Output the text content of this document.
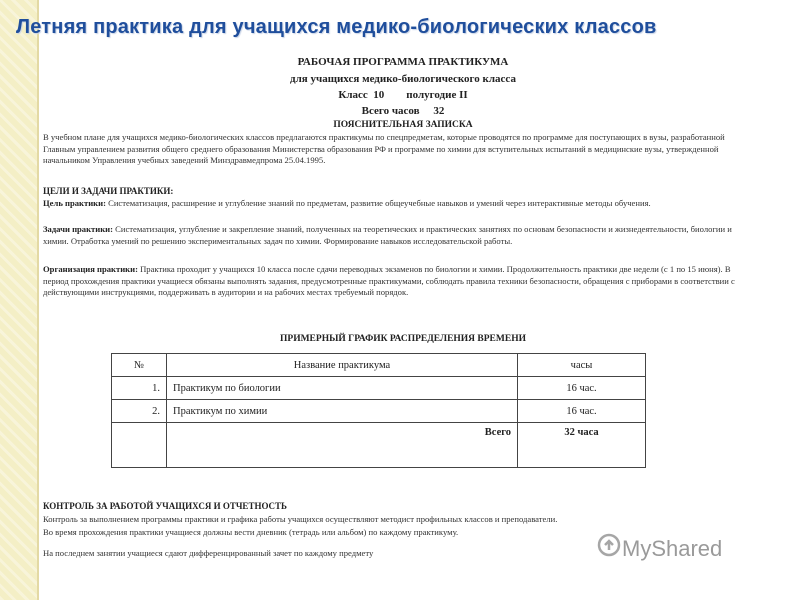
Летняя практика для учащихся медико-биологических классов
РАБОЧАЯ ПРОГРАММА ПРАКТИКУМА
для учащихся медико-биологического класса
Класс  10        полугодие II
Всего часов     32
ПОЯСНИТЕЛЬНАЯ ЗАПИСКА
В учебном плане для учащихся медико-биологических классов предлагаются практикумы по спецпредметам, которые проводятся по программе для поступающих в вузы, разработанной Главным управлением развития общего среднего образования Министерства образования РФ и программе по химии для вступительных испытаний в медицинские вузы, утвержденной начальником Управления учебных заведений Минздравмедпрома 25.04.1995.
ЦЕЛИ И ЗАДАЧИ ПРАКТИКИ:
Цель практики: Систематизация, расширение и углубление знаний по предметам, развитие общеучебные навыков и умений через интерактивные методы обучения.
Задачи практики: Систематизация, углубление и закрепление знаний, полученных на теоретических и практических занятиях по основам безопасности и жизнедеятельности, биологии и химии. Отработка умений по решению экспериментальных задач по химии. Формирование навыков исследовательской работы.
Организация практики: Практика проходит у учащихся 10 класса после сдачи переводных экзаменов по биологии и химии. Продолжительность практики две недели (с 1 по 15 июня). В период прохождения практики учащиеся обязаны выполнять задания, предусмотренные практикумами, соблюдать правила техники безопасности, обращения с приборами в соответствии с действующими инструкциями, поддерживать в аудитории и на рабочих местах требуемый порядок.
ПРИМЕРНЫЙ ГРАФИК РАСПРЕДЕЛЕНИЯ ВРЕМЕНИ
№	Название практикума	часы
1.	Практикум по биологии	16 час.
2.	Практикум по химии	16 час.
	Всего	32 часа
КОНТРОЛЬ ЗА РАБОТОЙ УЧАЩИХСЯ И ОТЧЕТНОСТЬ
Контроль за выполнением программы практики и графика работы учащихся осуществляют методист профильных классов и преподаватели.
Во время прохождения практики учащиеся должны вести дневник (тетрадь или альбом) по каждому практикуму.
На последнем занятии учащиеся сдают дифференцированный зачет по каждому предмету	MyShared
